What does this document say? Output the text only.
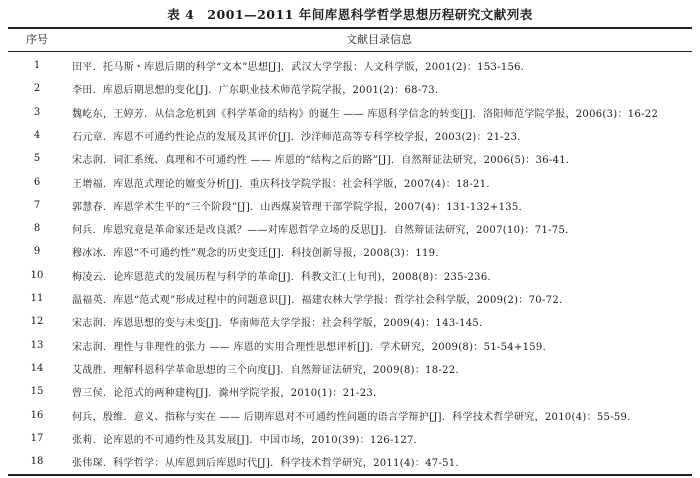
表 4　2001—2011 年间库恩科学哲学思想历程研究文献列表
序号	文献目录信息
1	田平．托马斯・库恩后期的科学“文本”思想[J]．武汉大学学报：人文科学版，2001(2)：153-156．
2	李田．库恩后期思想的变化[J]．广东职业技术师范学院学报，2001(2)：68-73．
3	魏屹东，王婷芳．从信念危机到《科学革命的结构》的诞生 —— 库恩科学信念的转变[J]．洛阳师范学院学报，2006(3)：16-22
4	石元章．库恩不可通约性论点的发展及其评价[J]．沙洋师范高等专科学校学报，2003(2)：21-23．
5	宋志润．词汇系统、真理和不可通约性 —— 库恩的“结构之后的路”[J]．自然辩证法研究，2006(5)：36-41．
6	王增福．库恩范式理论的嬗变分析[J]．重庆科技学院学报：社会科学版，2007(4)：18-21．
7	郭慧春．库恩学术生平的“三个阶段”[J]．山西煤炭管理干部学院学报，2007(4)：131-132+135．
8	何兵．库恩究竟是革命家还是改良派？——对库恩哲学立场的反思[J]．自然辩证法研究，2007(10)：71-75．
9	穆冰冰．库恩“不可通约性”观念的历史变迁[J]．科技创新导报，2008(3)：119．
10	梅凌云．论库恩范式的发展历程与科学的革命[J]．科教文汇(上旬刊)，2008(8)：235-236．
11	温福英．库恩“范式观”形成过程中的问题意识[J]．福建农林大学学报：哲学社会科学版，2009(2)：70-72．
12	宋志润．库恩思想的变与未变[J]．华南师范大学学报：社会科学版，2009(4)：143-145．
13	宋志润．理性与非理性的张力 —— 库恩的实用合理性思想评析[J]．学术研究，2009(8)：51-54+159．
14	艾战胜．理解科恩科学革命思想的三个向度[J]．自然辩证法研究，2009(8)：18-22．
15	曾三侯．论范式的两种建构[J]．滁州学院学报，2010(1)：21-23．
16	何兵，殷维．意义、指称与实在 —— 后期库恩对不可通约性问题的语言学辩护[J]．科学技术哲学研究，2010(4)：55-59．
17	张莉．论库恩的不可通约性及其发展[J]．中国市场，2010(39)：126-127．
18	张伟琛．科学哲学：从库恩到后库恩时代[J]．科学技术哲学研究，2011(4)：47-51．
